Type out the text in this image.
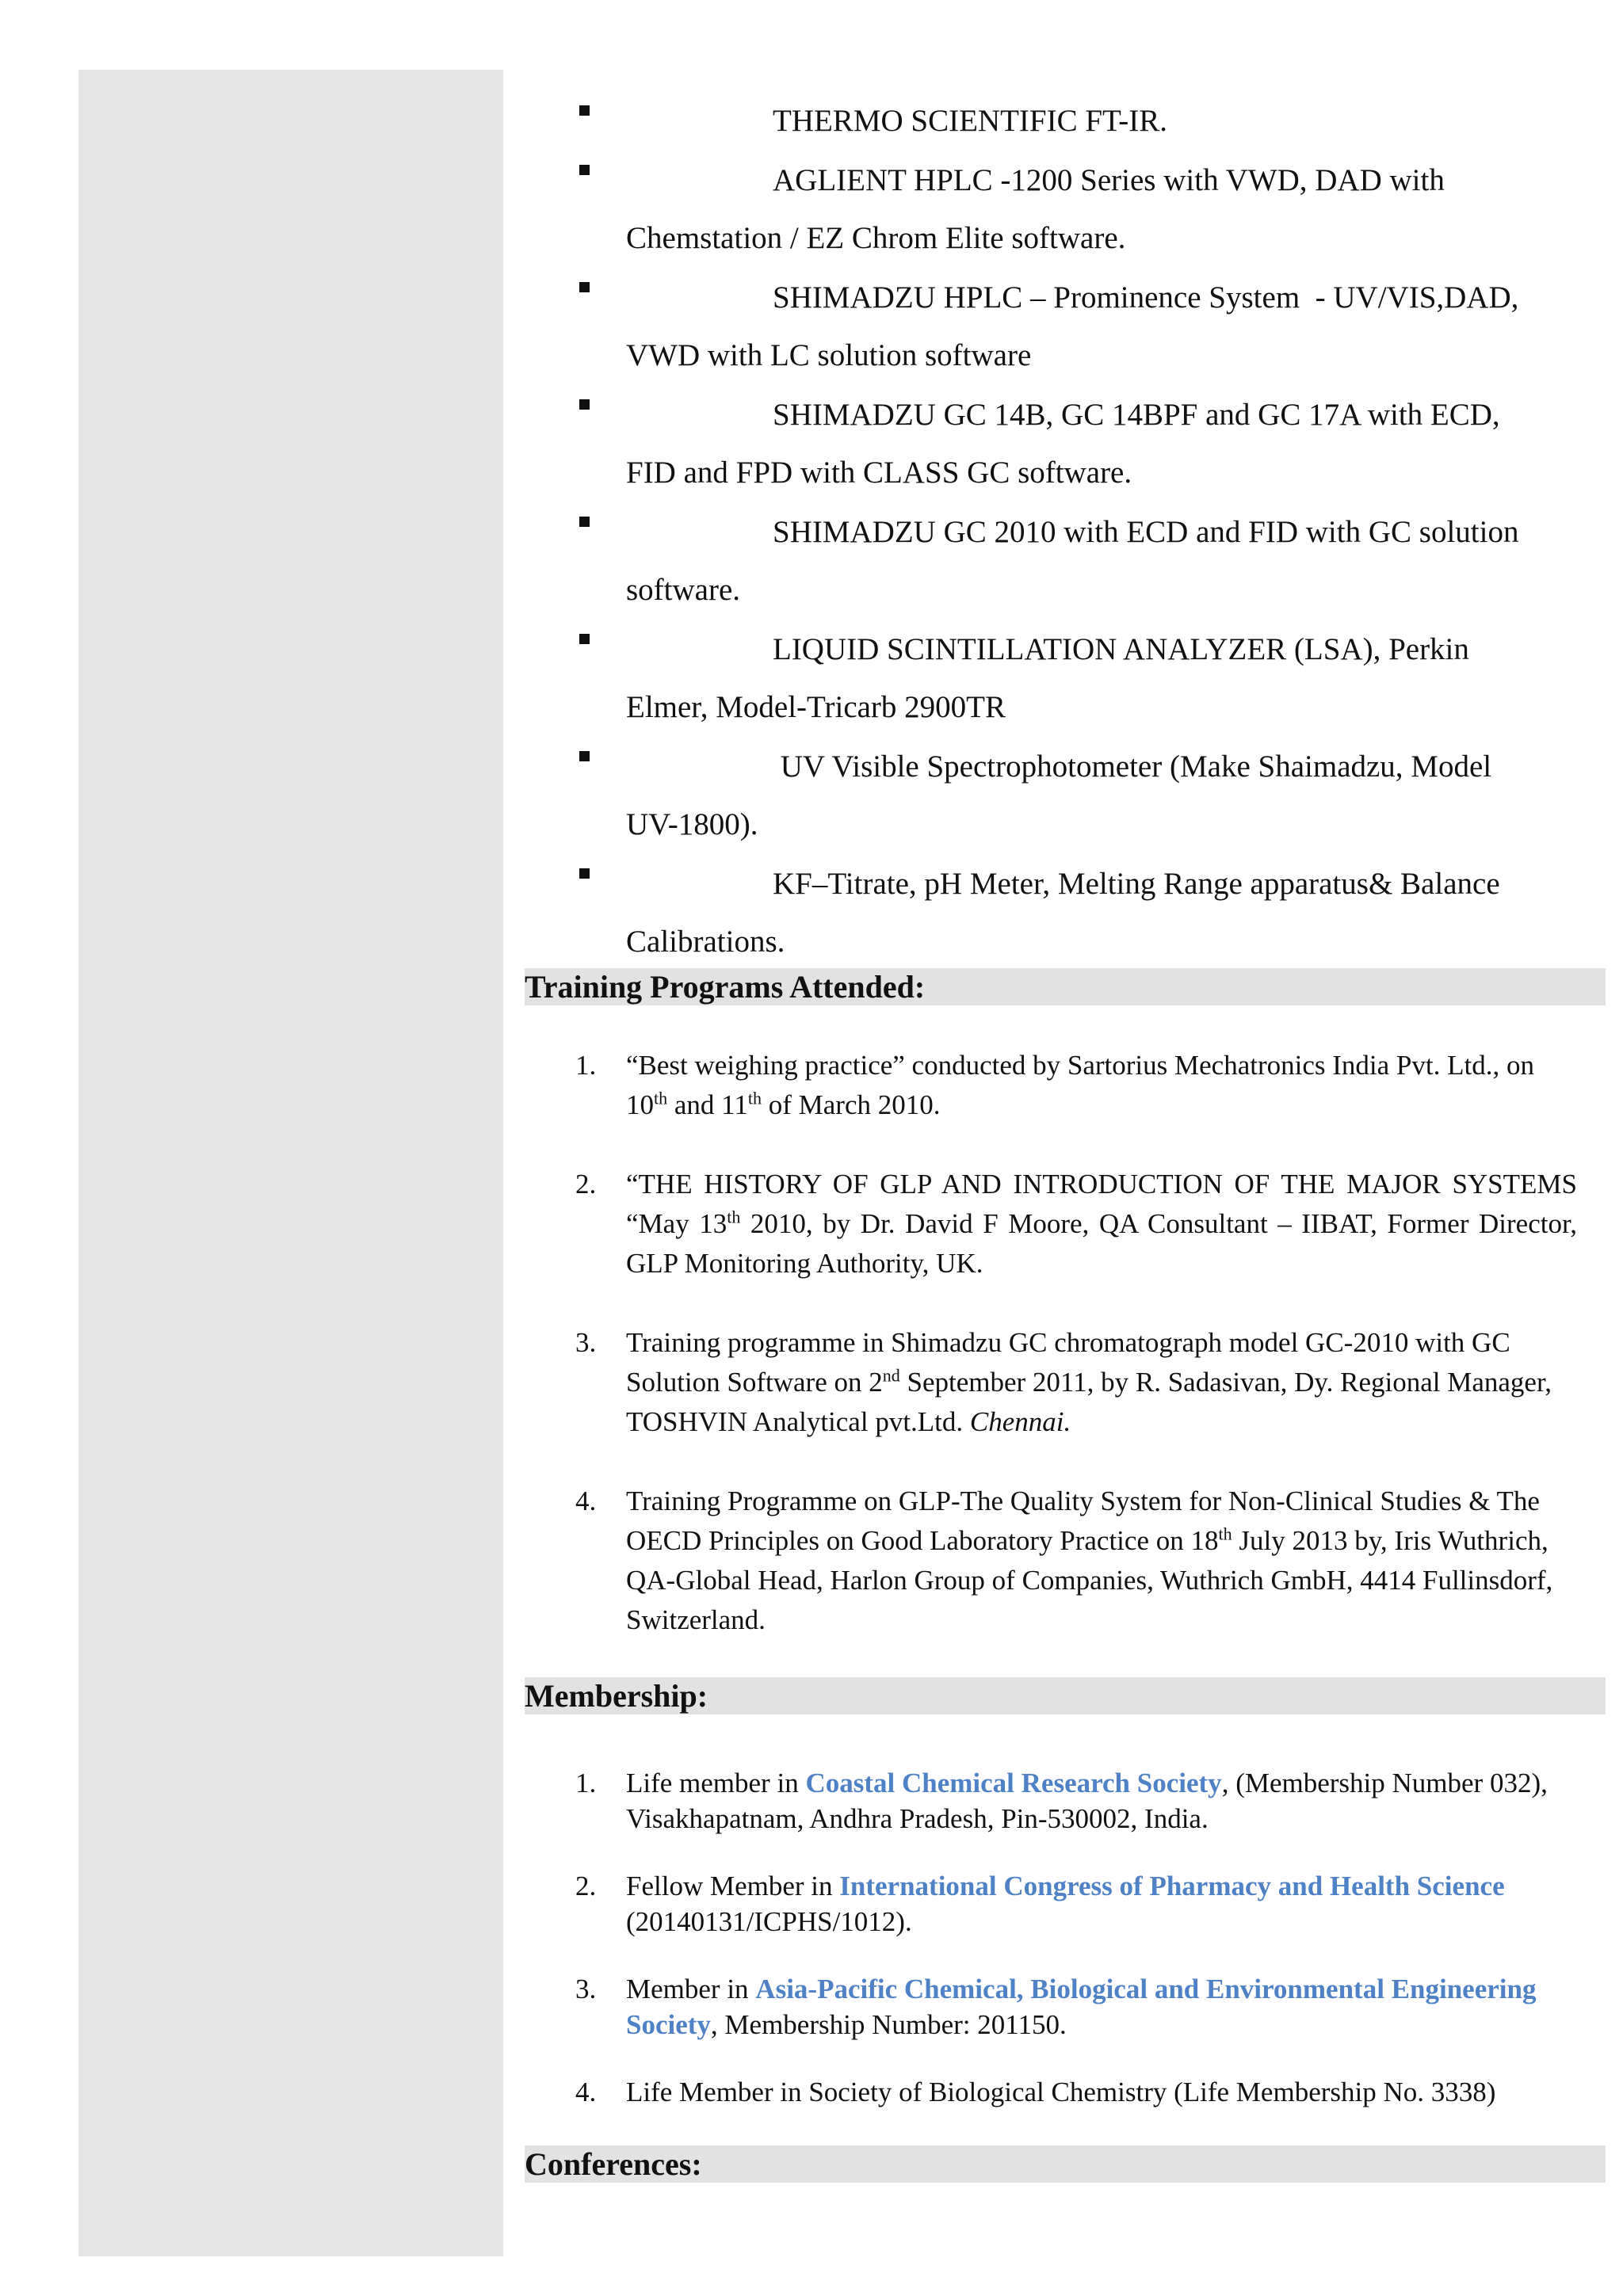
THERMO SCIENTIFIC FT-IR.
AGLIENT HPLC -1200 Series with VWD, DAD with
Chemstation / EZ Chrom Elite software.
SHIMADZU HPLC – Prominence System  - UV/VIS,DAD,
VWD with LC solution software
SHIMADZU GC 14B, GC 14BPF and GC 17A with ECD,
FID and FPD with CLASS GC software.
SHIMADZU GC 2010 with ECD and FID with GC solution
software.
LIQUID SCINTILLATION ANALYZER (LSA), Perkin
Elmer, Model-Tricarb 2900TR
UV Visible Spectrophotometer (Make Shaimadzu, Model
UV-1800).
KF–Titrate, pH Meter, Melting Range apparatus& Balance
Calibrations.
Training Programs Attended:
1. “Best weighing practice” conducted by Sartorius Mechatronics India Pvt. Ltd., on 10th and 11th of March 2010.
2. “THE HISTORY OF GLP AND INTRODUCTION OF THE MAJOR SYSTEMS “May 13th 2010, by Dr. David F Moore, QA Consultant – IIBAT, Former Director, GLP Monitoring Authority, UK.
3. Training programme in Shimadzu GC chromatograph model GC-2010 with GC Solution Software on 2nd September 2011, by R. Sadasivan, Dy. Regional Manager, TOSHVIN Analytical pvt.Ltd. Chennai.
4. Training Programme on GLP-The Quality System for Non-Clinical Studies & The OECD Principles on Good Laboratory Practice on 18th July 2013 by, Iris Wuthrich, QA-Global Head, Harlon Group of Companies, Wuthrich GmbH, 4414 Fullinsdorf, Switzerland.
Membership:
1. Life member in Coastal Chemical Research Society, (Membership Number 032), Visakhapatnam, Andhra Pradesh, Pin-530002, India.
2. Fellow Member in International Congress of Pharmacy and Health Science (20140131/ICPHS/1012).
3. Member in Asia-Pacific Chemical, Biological and Environmental Engineering Society, Membership Number: 201150.
4. Life Member in Society of Biological Chemistry (Life Membership No. 3338)
Conferences:
